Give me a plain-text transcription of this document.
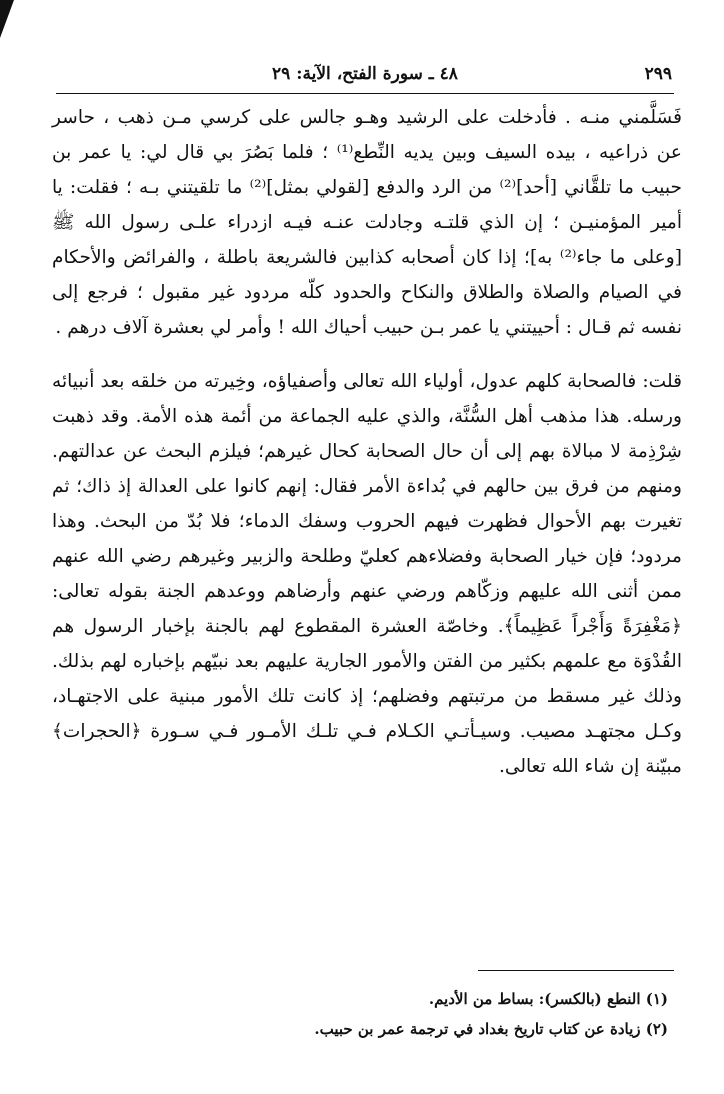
٢٩٩
٤٨ ـ سورة الفتح، الآية: ٢٩

فَسَلَّمني منـه . فأدخلت على الرشيد وهـو جالس على كرسي مـن ذهب ، حاسر عن ذراعيه ، بيده السيف وبين يديه النِّطع⁽¹⁾ ؛ فلما بَصُرَ بي قال لي: يا عمر بن حبيب ما تلقَّاني [أحد]⁽²⁾ من الرد والدفع [لقولي بمثل]⁽²⁾ ما تلقيتني بـه ؛ فقلت: يا أمير المؤمنيـن ؛ إن الذي قلتـه وجادلت عنـه فيـه ازدراء علـى رسول الله ﷺ [وعلى ما جاء⁽²⁾ به]؛ إذا كان أصحابه كذابين فالشريعة باطلة ، والفرائض والأحكام في الصيام والصلاة والطلاق والنكاح والحدود كلّه مردود غير مقبول ؛ فرجع إلى نفسه ثم قـال : أحييتني يا عمر بـن حبيب أحياك الله ! وأمر لي بعشرة آلاف درهم .

قلت: فالصحابة كلهم عدول، أولياء الله تعالى وأصفياؤه، وخِيرته من خلقه بعد أنبيائه ورسله. هذا مذهب أهل السُّنَّة، والذي عليه الجماعة من أئمة هذه الأمة. وقد ذهبت شِرْذِمة لا مبالاة بهم إلى أن حال الصحابة كحال غيرهم؛ فيلزم البحث عن عدالتهم. ومنهم من فرق بين حالهم في بُداءة الأمر فقال: إنهم كانوا على العدالة إذ ذاك؛ ثم تغيرت بهم الأحوال فظهرت فيهم الحروب وسفك الدماء؛ فلا بُدّ من البحث. وهذا مردود؛ فإن خيار الصحابة وفضلاءهم كعليّ وطلحة والزبير وغيرهم رضي الله عنهم ممن أثنى الله عليهم وزكّاهم ورضي عنهم وأرضاهم ووعدهم الجنة بقوله تعالى: ﴿مَغْفِرَةً وَأَجْراً عَظِيماً﴾. وخاصّة العشرة المقطوع لهم بالجنة بإخبار الرسول هم القُدْوَة مع علمهم بكثير من الفتن والأمور الجارية عليهم بعد نبيّهم بإخباره لهم بذلك. وذلك غير مسقط من مرتبتهم وفضلهم؛ إذ كانت تلك الأمور مبنية على الاجتهـاد، وكـل مجتهـد مصيب. وسيـأتـي الكـلام فـي تلـك الأمـور فـي سـورة ﴿الحجرات﴾ مبيّنة إن شاء الله تعالى.

(١) النطع (بالكسر): بساط من الأديم.
(٢) زيادة عن كتاب تاريخ بغداد في ترجمة عمر بن حبيب.
